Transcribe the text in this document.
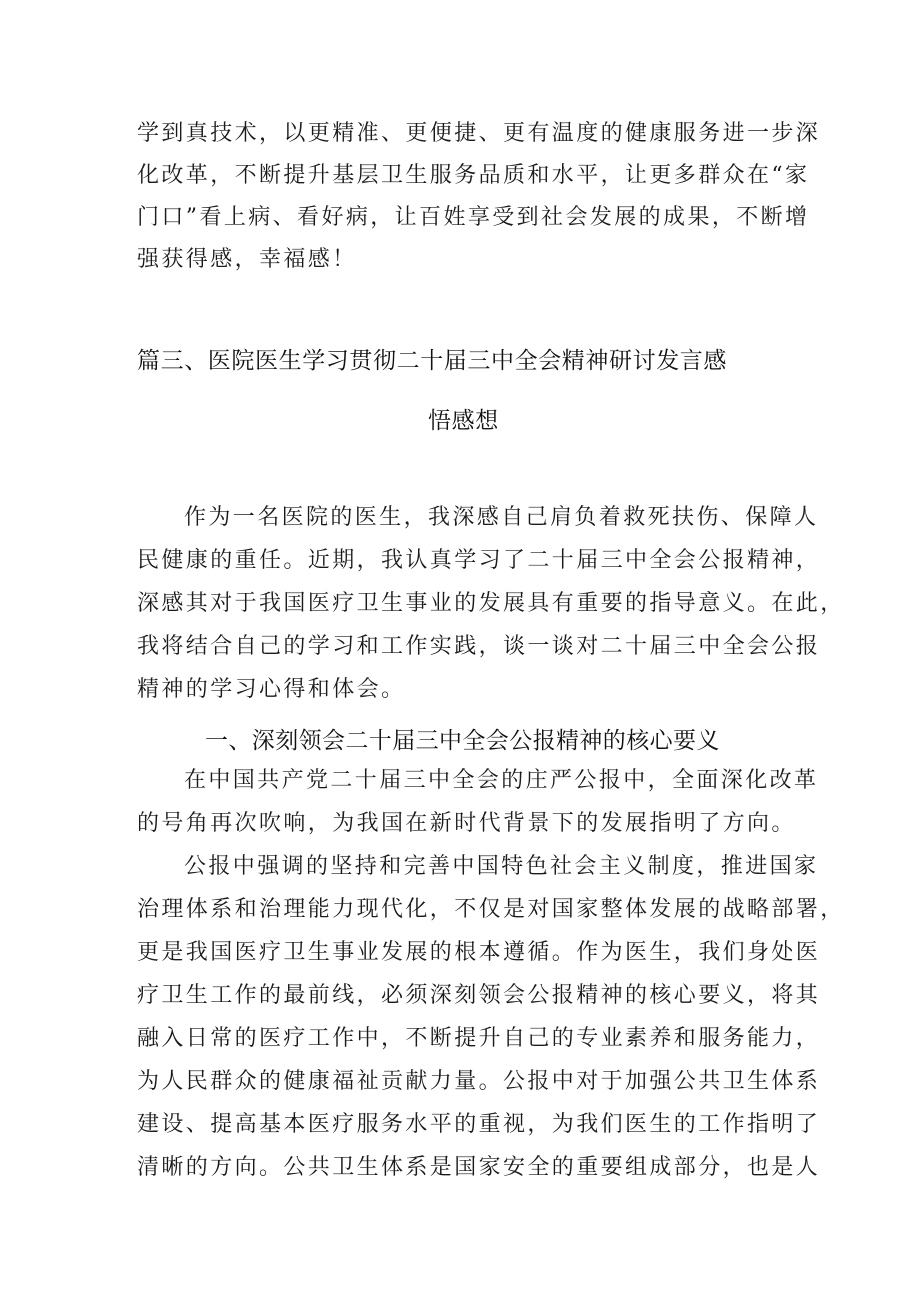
学到真技术，以更精准、更便捷、更有温度的健康服务进一步深

化改革，不断提升基层卫生服务品质和水平，让更多群众在“家

门口”看上病、看好病，让百姓享受到社会发展的成果，不断增

强获得感，幸福感！

篇三、医院医生学习贯彻二十届三中全会精神研讨发言感
悟感想

作为一名医院的医生，我深感自己肩负着救死扶伤、保障人

民健康的重任。近期，我认真学习了二十届三中全会公报精神，

深感其对于我国医疗卫生事业的发展具有重要的指导意义。在此，

我将结合自己的学习和工作实践，谈一谈对二十届三中全会公报

精神的学习心得和体会。

一、深刻领会二十届三中全会公报精神的核心要义

在中国共产党二十届三中全会的庄严公报中，全面深化改革

的号角再次吹响，为我国在新时代背景下的发展指明了方向。

公报中强调的坚持和完善中国特色社会主义制度，推进国家

治理体系和治理能力现代化，不仅是对国家整体发展的战略部署，

更是我国医疗卫生事业发展的根本遵循。作为医生，我们身处医

疗卫生工作的最前线，必须深刻领会公报精神的核心要义，将其

融入日常的医疗工作中，不断提升自己的专业素养和服务能力，

为人民群众的健康福祉贡献力量。公报中对于加强公共卫生体系

建设、提高基本医疗服务水平的重视，为我们医生的工作指明了

清晰的方向。公共卫生体系是国家安全的重要组成部分，也是人
